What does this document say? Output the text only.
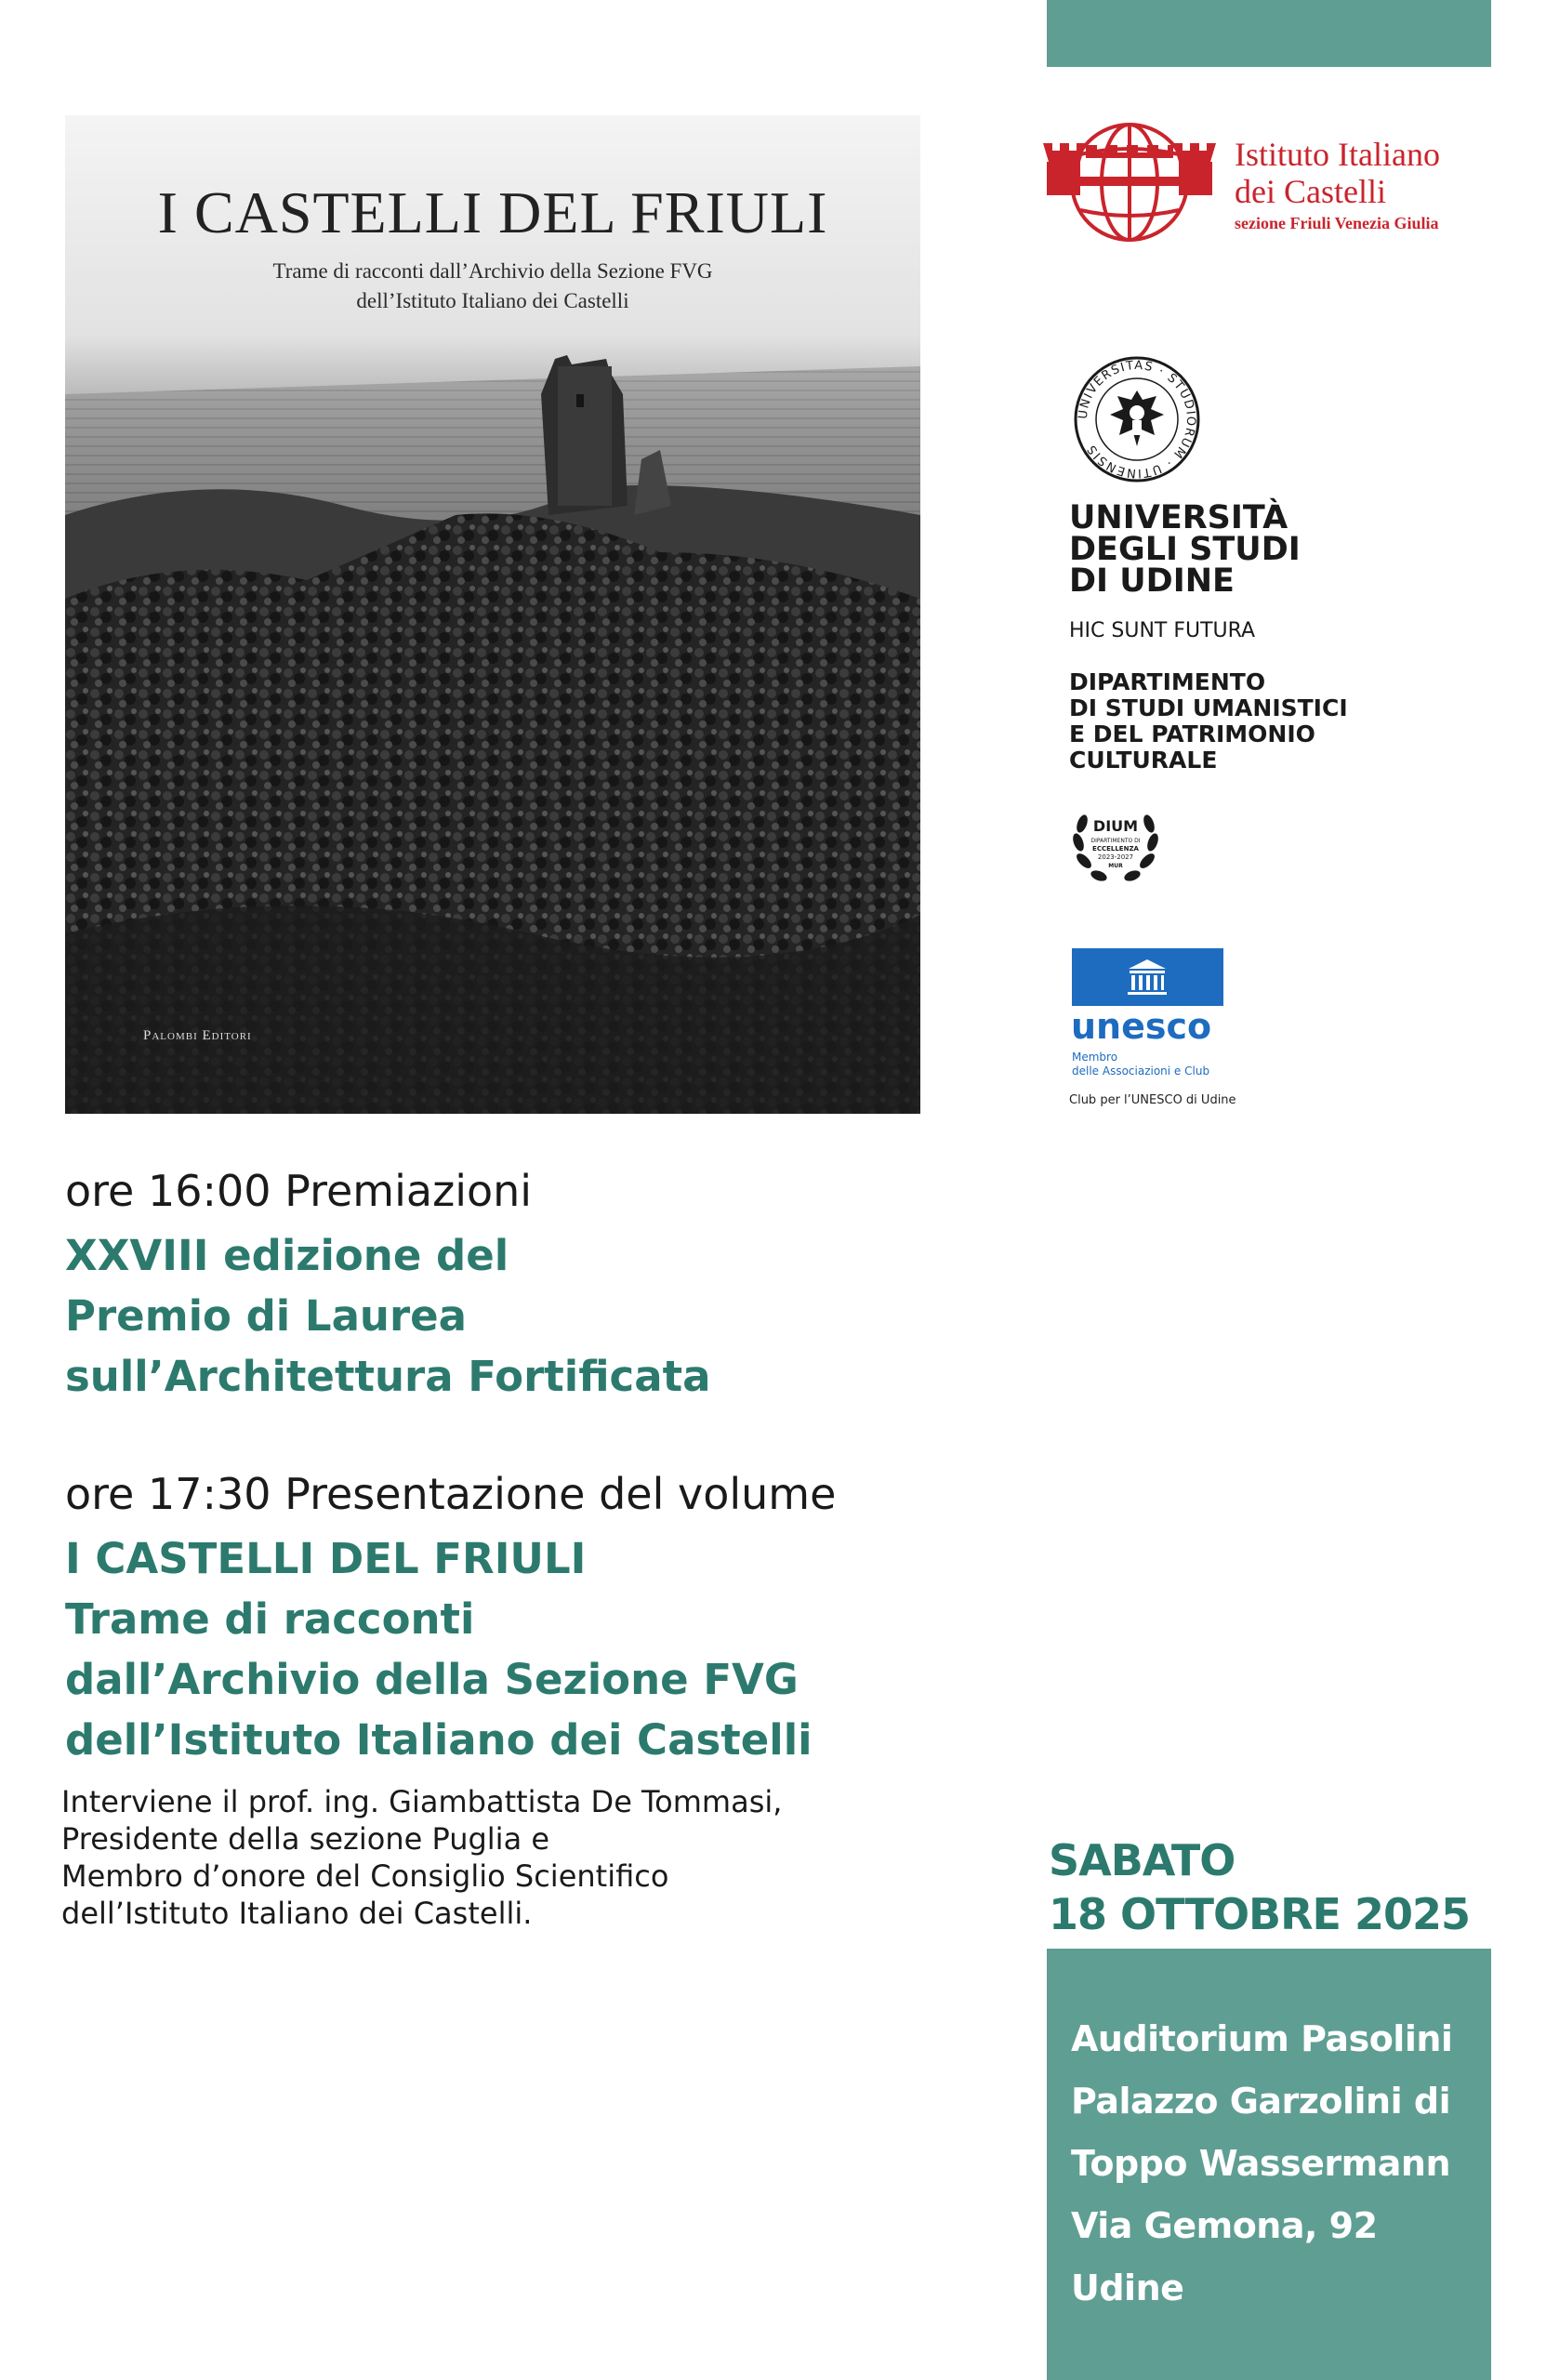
I CASTELLI DEL FRIULI
Trame di racconti dall’Archivio della Sezione FVG
dell’Istituto Italiano dei Castelli
Palombi Editori
Istituto Italiano
dei Castelli
sezione Friuli Venezia Giulia
UNIVERSITAS · STUDIORUM · UTINENSIS
UNIVERSITÀ
DEGLI STUDI
DI UDINE
HIC SUNT FUTURA
DIPARTIMENTO
DI STUDI UMANISTICI
E DEL PATRIMONIO
CULTURALE
DIUM
DIPARTIMENTO DI
ECCELLENZA
2023-2027
MUR
unesco
Membro
delle Associazioni e Club
Club per l’UNESCO di Udine
ore 16:00 Premiazioni
XXVIII edizione del
Premio di Laurea
sull’Architettura Fortificata
ore 17:30 Presentazione del volume
I CASTELLI DEL FRIULI
Trame di racconti
dall’Archivio della Sezione FVG
dell’Istituto Italiano dei Castelli
Interviene il prof. ing. Giambattista De Tommasi,
Presidente della sezione Puglia e
Membro d’onore del Consiglio Scientifico
dell’Istituto Italiano dei Castelli.
SABATO
18 OTTOBRE 2025
Auditorium Pasolini
Palazzo Garzolini di
Toppo Wassermann
Via Gemona, 92
Udine
